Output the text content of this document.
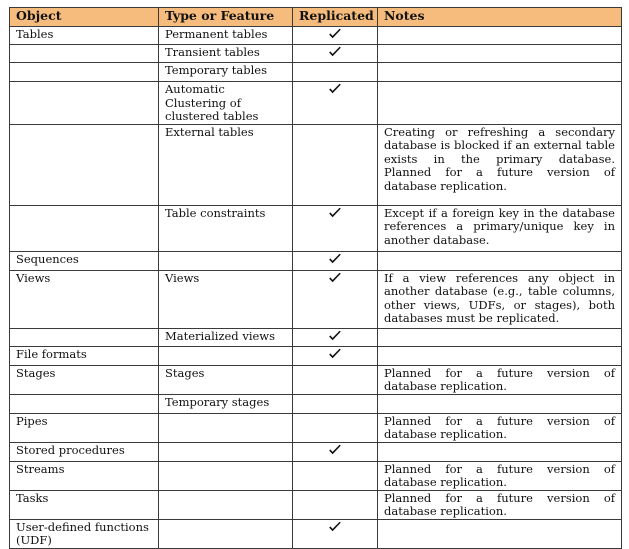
Object	Type or Feature	Replicated	Notes
Tables	Permanent tables		
	Transient tables		
	Temporary tables		
	Automatic Clustering of clustered tables		
	External tables		Creating or refreshing a secondary database is blocked if an external table exists in the primary database. Planned for a future version of database replication.
	Table constraints		Except if a foreign key in the database references a primary/unique key in another database.
Sequences			
Views	Views		If a view references any object in another database (e.g., table columns, other views, UDFs, or stages), both databases must be replicated.
	Materialized views		
File formats			
Stages	Stages		Planned for a future version of database replication.
	Temporary stages		
Pipes			Planned for a future version of database replication.
Stored procedures			
Streams			Planned for a future version of database replication.
Tasks			Planned for a future version of database replication.
User-defined functions (UDF)			
